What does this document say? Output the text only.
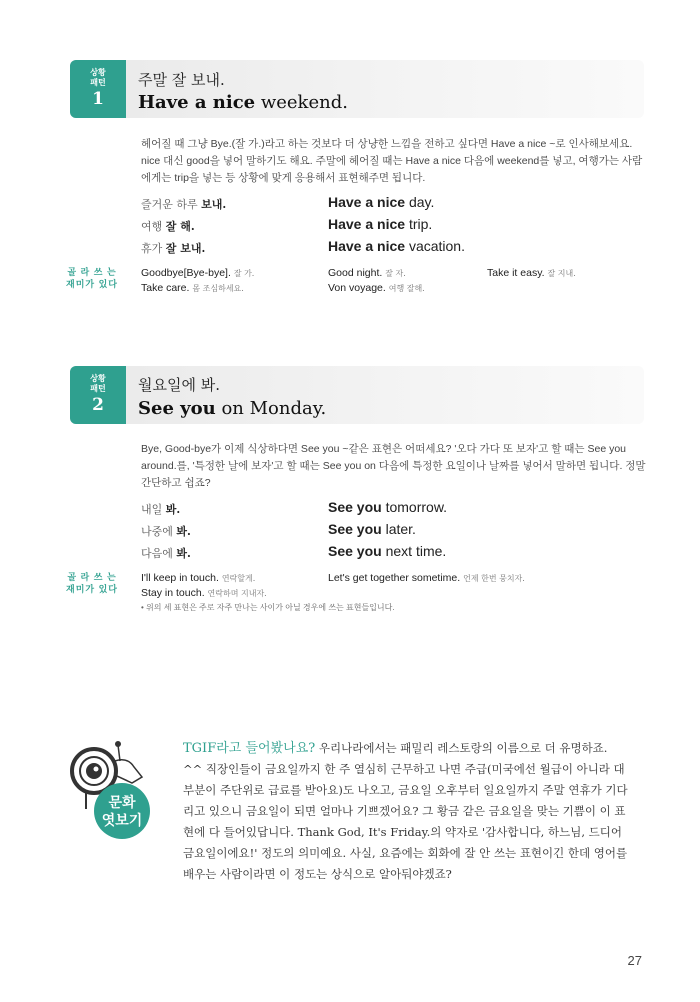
상황
패턴
1
주말 잘 보내.
Have a nice weekend.
헤어질 때 그냥 Bye.(잘 가.)라고 하는 것보다 더 상냥한 느낌을 전하고 싶다면 Have a nice ~로 인사해보세요. nice 대신 good을 넣어 말하기도 해요. 주말에 헤어질 때는 Have a nice 다음에 weekend를 넣고, 여행가는 사람에게는 trip을 넣는 등 상황에 맞게 응용해서 표현해주면 됩니다.
즐거운 하루 보내.	Have a nice day.
여행 잘 해.	Have a nice trip.
휴가 잘 보내.	Have a nice vacation.
골 라 쓰 는
재미가 있다
Goodbye[Bye-bye]. 잘 가.	Good night. 잘 자.	Take it easy. 잘 지내.
Take care. 몸 조심하세요.	Von voyage. 여행 잘해.
상황
패턴
2
월요일에 봐.
See you on Monday.
Bye, Good-bye가 이제 식상하다면 See you ~같은 표현은 어떠세요? '오다 가다 또 보자'고 할 때는 See you around.를, '특정한 날에 보자'고 할 때는 See you on 다음에 특정한 요일이나 날짜를 넣어서 말하면 됩니다. 정말 간단하고 쉽죠?
내일 봐.	See you tomorrow.
나중에 봐.	See you later.
다음에 봐.	See you next time.
골 라 쓰 는
재미가 있다
I'll keep in touch. 연락할게.	Let's get together sometime. 언제 한번 뭉치자.
Stay in touch. 연락하며 지내자.
• 위의 세 표현은 주로 자주 만나는 사이가 아닐 경우에 쓰는 표현들입니다.
문화
엿보기
TGIF라고 들어봤나요? 우리나라에서는 패밀리 레스토랑의 이름으로 더 유명하죠. ^^ 직장인들이 금요일까지 한 주 열심히 근무하고 나면 주급(미국에선 월급이 아니라 대부분이 주단위로 급료를 받아요)도 나오고, 금요일 오후부터 일요일까지 주말 연휴가 기다리고 있으니 금요일이 되면 얼마나 기쁘겠어요? 그 황금 같은 금요일을 맞는 기쁨이 이 표현에 다 들어있답니다. Thank God, It's Friday.의 약자로 '감사합니다, 하느님, 드디어 금요일이에요!' 정도의 의미예요. 사실, 요즘에는 회화에 잘 안 쓰는 표현이긴 한데 영어를 배우는 사람이라면 이 정도는 상식으로 알아둬야겠죠?
27
